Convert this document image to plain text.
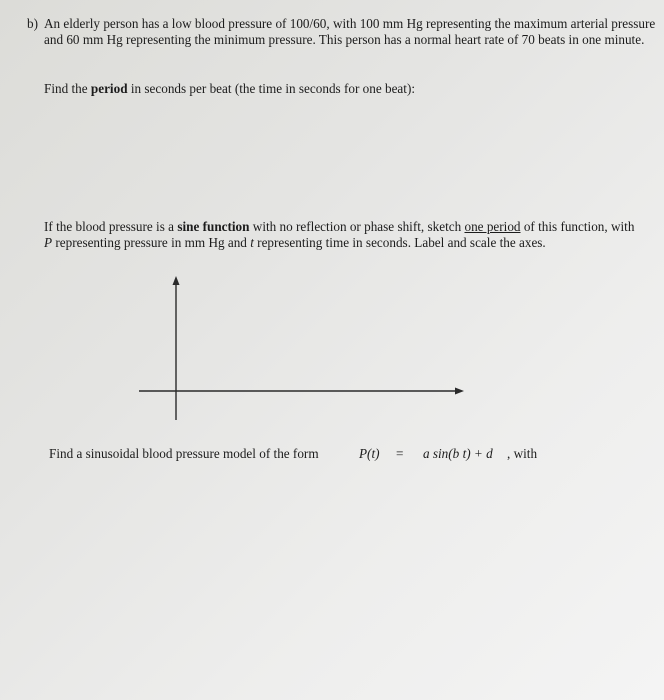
b) An elderly person has a low blood pressure of 100/60, with 100 mm Hg representing the maximum arterial pressure and 60 mm Hg representing the minimum pressure. This person has a normal heart rate of 70 beats in one minute.
Find the period in seconds per beat (the time in seconds for one beat):
If the blood pressure is a sine function with no reflection or phase shift, sketch one period of this function, with P representing pressure in mm Hg and t representing time in seconds. Label and scale the axes.
Find a sinusoidal blood pressure model of the form	P(t) = a sin(b t) + d , with
